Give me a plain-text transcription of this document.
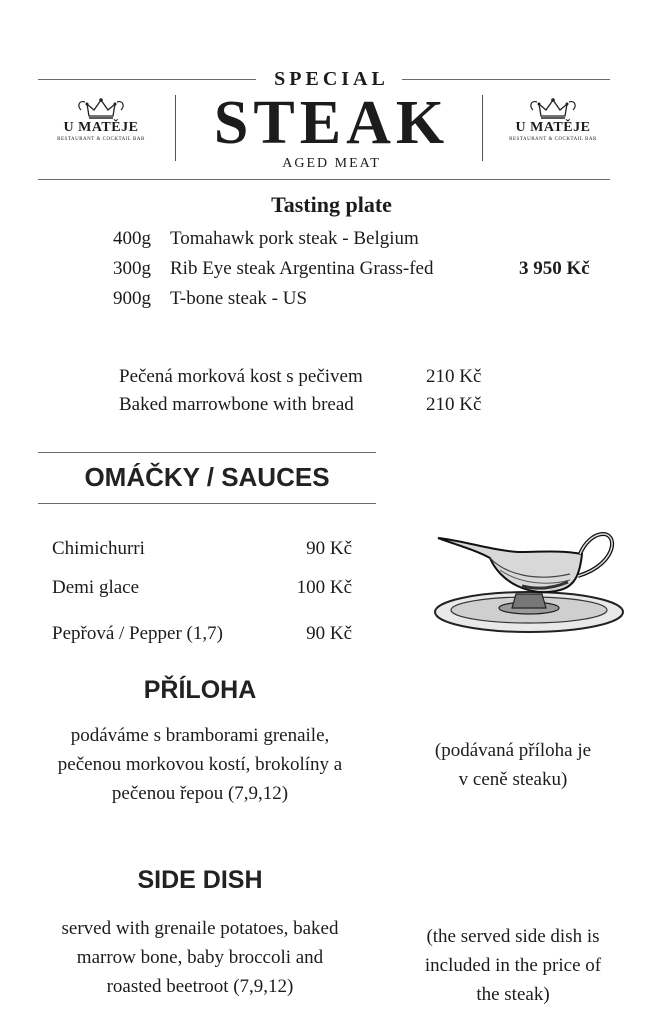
SPECIAL
STEAK
AGED MEAT
U MATĚJE
RESTAURANT & COCKTAIL BAR
U MATĚJE
RESTAURANT & COCKTAIL BAR
Tasting plate
400g Tomahawk pork steak - Belgium
300g Rib Eye steak Argentina Grass-fed
900g T-bone steak - US
3 950 Kč
Pečená morková kost s pečivem	210 Kč
Baked marrowbone with bread	210 Kč
OMÁČKY / SAUCES
Chimichurri	90 Kč
Demi glace	100 Kč
Pepřová / Pepper (1,7)	90 Kč
PŘÍLOHA
podáváme s bramborami grenaile,
pečenou morkovou kostí, brokolíny a
pečenou řepou (7,9,12)
(podávaná příloha je
v ceně steaku)
SIDE DISH
served with grenaile potatoes, baked
marrow bone, baby broccoli and
roasted beetroot (7,9,12)
(the served side dish is
included in the price of
the steak)
